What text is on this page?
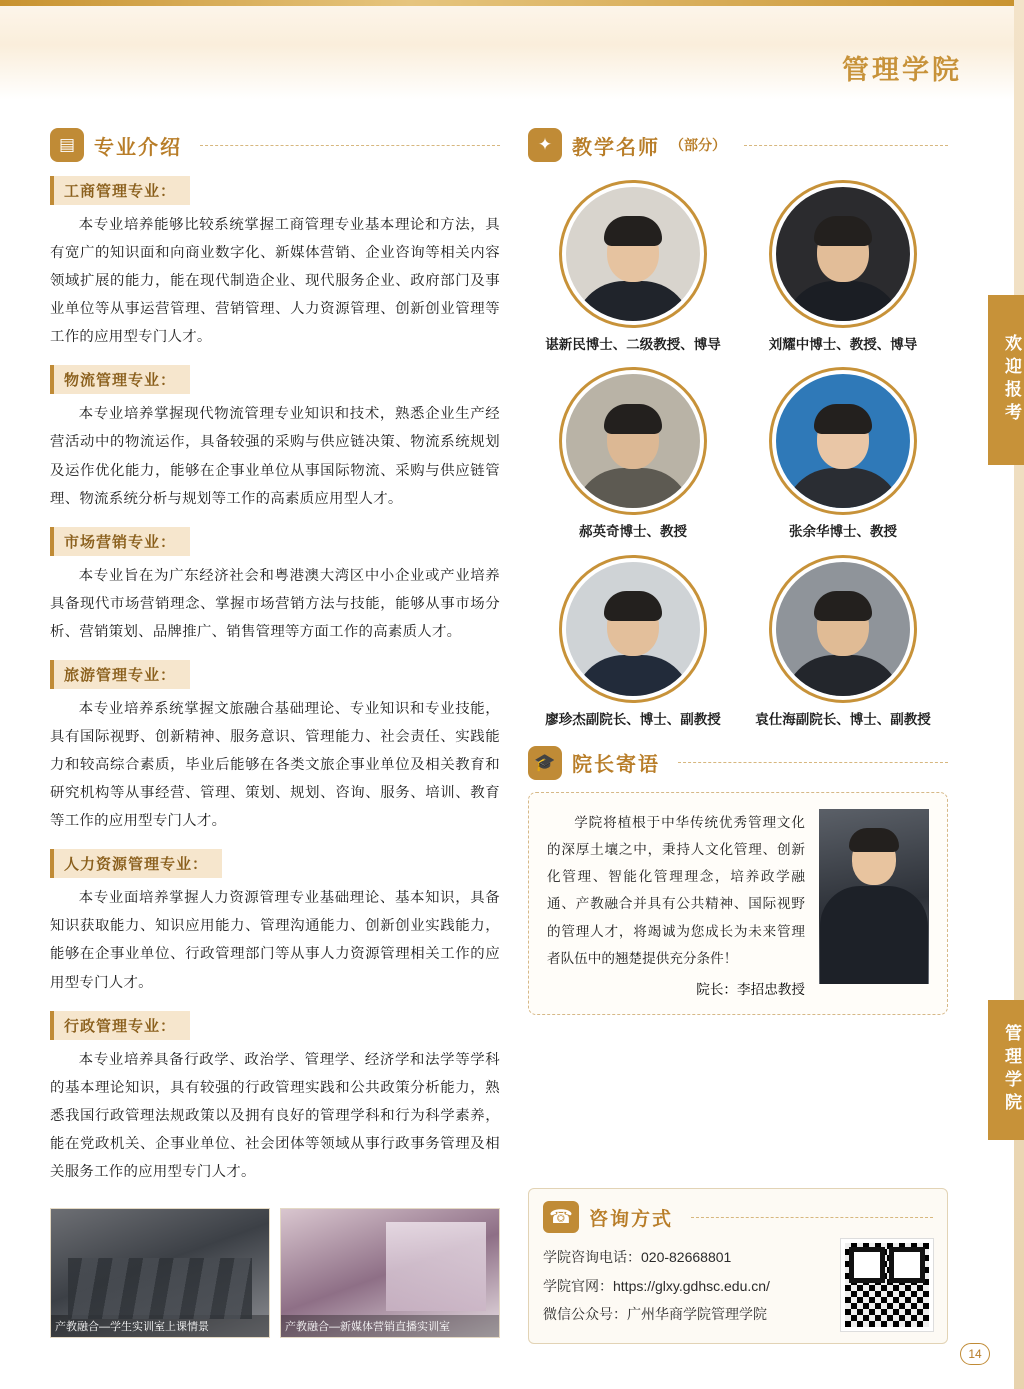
管理学院
欢迎报考
管理学院
▤ 专业介绍
工商管理专业：
本专业培养能够比较系统掌握工商管理专业基本理论和方法，具有宽广的知识面和向商业数字化、新媒体营销、企业咨询等相关内容领域扩展的能力，能在现代制造企业、现代服务企业、政府部门及事业单位等从事运营管理、营销管理、人力资源管理、创新创业管理等工作的应用型专门人才。
物流管理专业：
本专业培养掌握现代物流管理专业知识和技术，熟悉企业生产经营活动中的物流运作，具备较强的采购与供应链决策、物流系统规划及运作优化能力，能够在企事业单位从事国际物流、采购与供应链管理、物流系统分析与规划等工作的高素质应用型人才。
市场营销专业：
本专业旨在为广东经济社会和粤港澳大湾区中小企业或产业培养具备现代市场营销理念、掌握市场营销方法与技能，能够从事市场分析、营销策划、品牌推广、销售管理等方面工作的高素质人才。
旅游管理专业：
本专业培养系统掌握文旅融合基础理论、专业知识和专业技能，具有国际视野、创新精神、服务意识、管理能力、社会责任、实践能力和较高综合素质，毕业后能够在各类文旅企事业单位及相关教育和研究机构等从事经营、管理、策划、规划、咨询、服务、培训、教育等工作的应用型专门人才。
人力资源管理专业：
本专业面培养掌握人力资源管理专业基础理论、基本知识，具备知识获取能力、知识应用能力、管理沟通能力、创新创业实践能力，能够在企事业单位、行政管理部门等从事人力资源管理相关工作的应用型专门人才。
行政管理专业：
本专业培养具备行政学、政治学、管理学、经济学和法学等学科的基本理论知识，具有较强的行政管理实践和公共政策分析能力，熟悉我国行政管理法规政策以及拥有良好的管理学科和行为科学素养，能在党政机关、企事业单位、社会团体等领域从事行政事务管理及相关服务工作的应用型专门人才。
产教融合—学生实训室上课情景	产教融合—新媒体营销直播实训室
✦ 教学名师 （部分）
谌新民博士、二级教授、博导	刘耀中博士、教授、博导
郝英奇博士、教授	张余华博士、教授
廖珍杰副院长、博士、副教授	袁仕海副院长、博士、副教授
🎓 院长寄语
学院将植根于中华传统优秀管理文化的深厚土壤之中，秉持人文化管理、创新化管理、智能化管理理念，培养政学融通、产教融合并具有公共精神、国际视野的管理人才，将竭诚为您成长为未来管理者队伍中的翘楚提供充分条件！
院长：李招忠教授
☎ 咨询方式
学院咨询电话：020-82668801
学院官网：https://glxy.gdhsc.edu.cn/
微信公众号：广州华商学院管理学院
14
